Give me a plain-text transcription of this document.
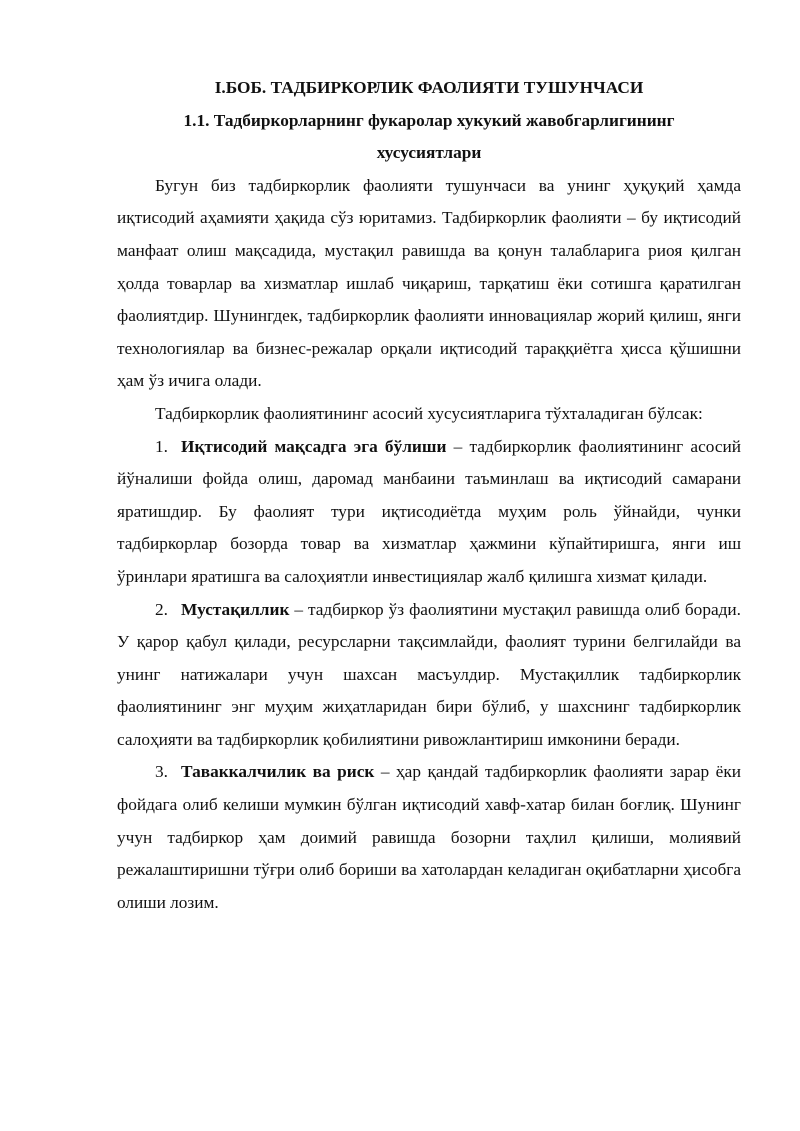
I.БОБ. ТАДБИРКОРЛИК ФАОЛИЯТИ ТУШУНЧАСИ
1.1. Тадбиркорларнинг фукаролар хукукий жавобгарлигининг
хусусиятлари

Бугун биз тадбиркорлик фаолияти тушунчаси ва унинг ҳуқуқий ҳамда иқтисодий аҳамияти ҳақида сўз юритамиз. Тадбиркорлик фаолияти – бу иқтисодий манфаат олиш мақсадида, мустақил равишда ва қонун талабларига риоя қилган ҳолда товарлар ва хизматлар ишлаб чиқариш, тарқатиш ёки сотишга қаратилган фаолиятдир. Шунингдек, тадбиркорлик фаолияти инновациялар жорий қилиш, янги технологиялар ва бизнес-режалар орқали иқтисодий тараққиётга ҳисса қўшишни ҳам ўз ичига олади.

Тадбиркорлик фаолиятининг асосий хусусиятларига тўхталадиган бўлсак:

1. Иқтисодий мақсадга эга бўлиши – тадбиркорлик фаолиятининг асосий йўналиши фойда олиш, даромад манбаини таъминлаш ва иқтисодий самарани яратишдир. Бу фаолият тури иқтисодиётда муҳим роль ўйнайди, чунки тадбиркорлар бозорда товар ва хизматлар ҳажмини кўпайтиришга, янги иш ўринлари яратишга ва салоҳиятли инвестициялар жалб қилишга хизмат қилади.

2. Мустақиллик – тадбиркор ўз фаолиятини мустақил равишда олиб боради. У қарор қабул қилади, ресурсларни тақсимлайди, фаолият турини белгилайди ва унинг натижалари учун шахсан масъулдир. Мустақиллик тадбиркорлик фаолиятининг энг муҳим жиҳатларидан бири бўлиб, у шахснинг тадбиркорлик салоҳияти ва тадбиркорлик қобилиятини ривожлантириш имконини беради.

3. Таваккалчилик ва риск – ҳар қандай тадбиркорлик фаолияти зарар ёки фойдага олиб келиши мумкин бўлган иқтисодий хавф-хатар билан боғлиқ. Шунинг учун тадбиркор ҳам доимий равишда бозорни таҳлил қилиши, молиявий режалаштиришни тўғри олиб бориши ва хатолардан келадиган оқибатларни ҳисобга олиши лозим.
